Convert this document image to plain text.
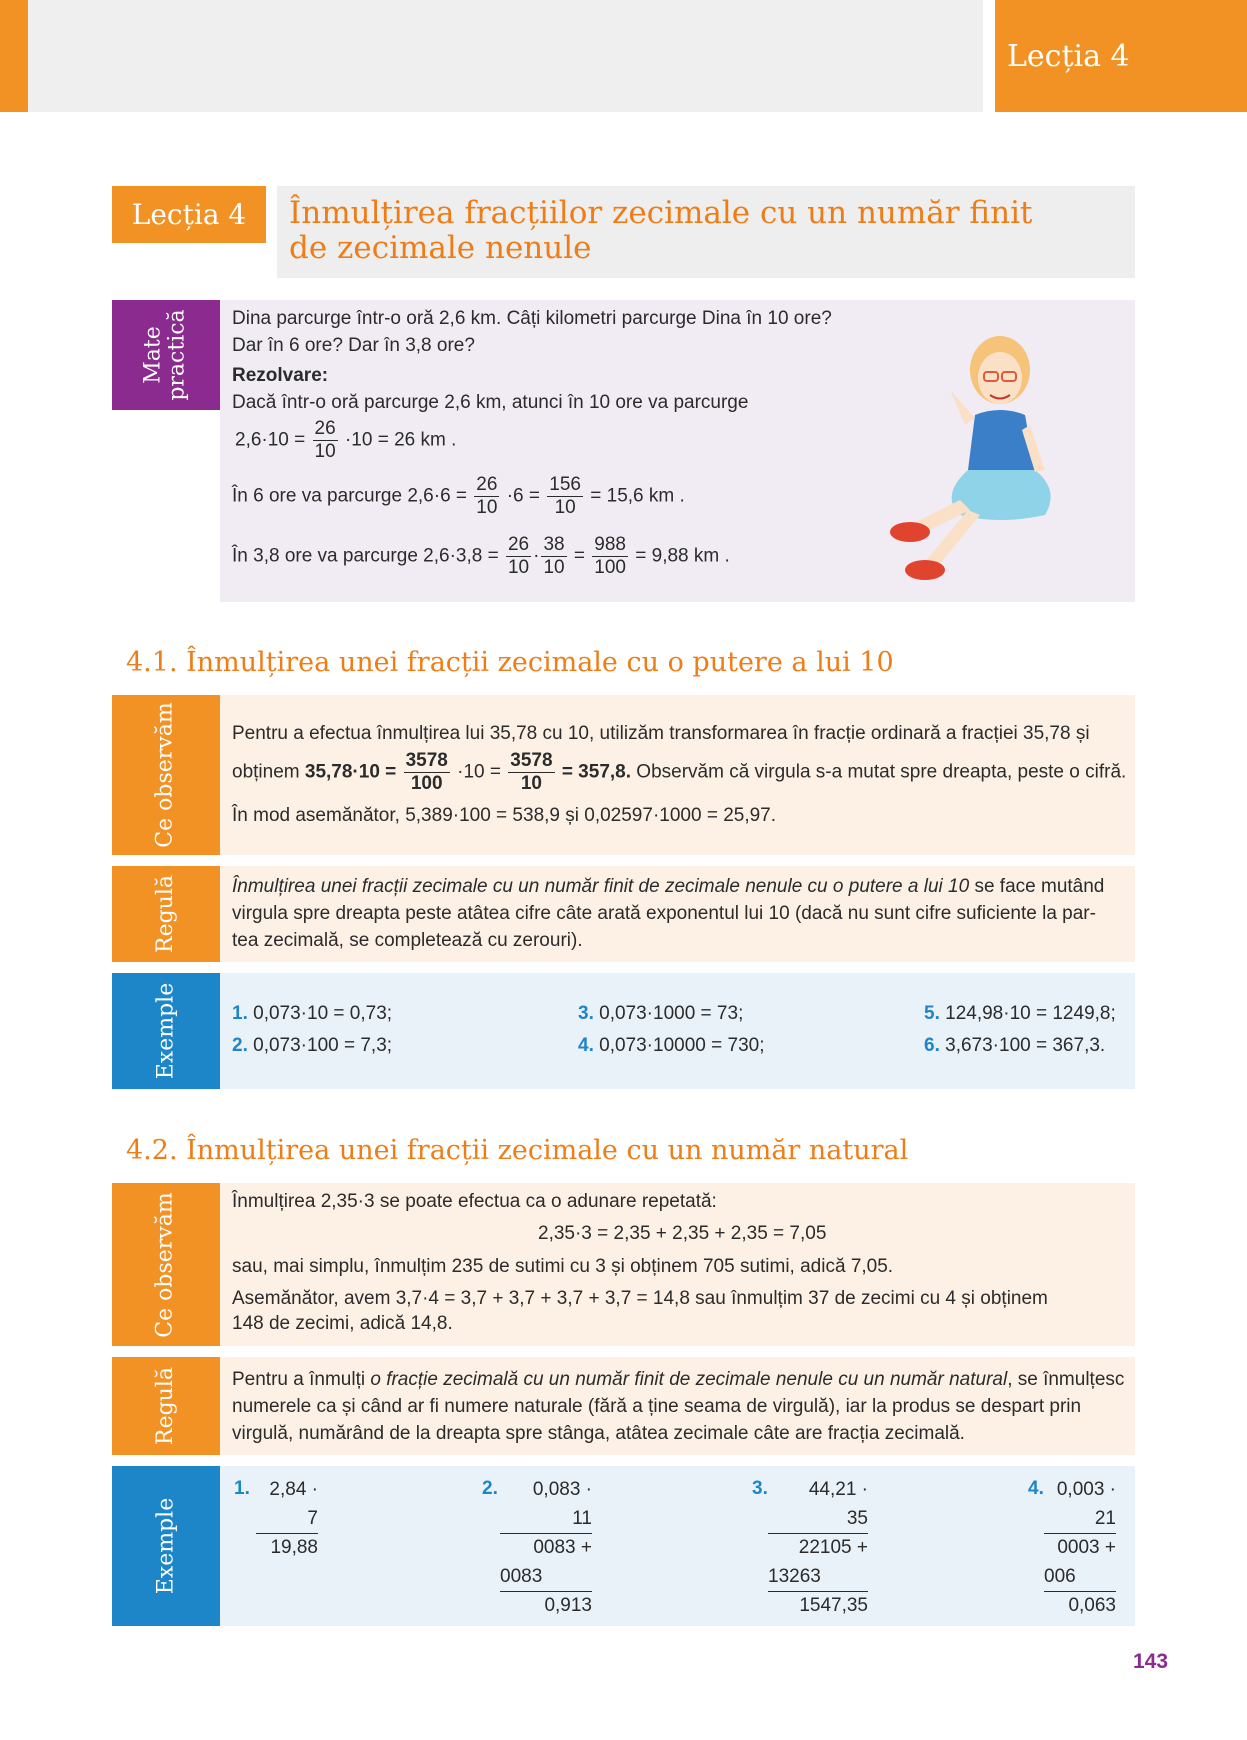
Lecția 4
Lecția 4	Înmulțirea fracțiilor zecimale cu un număr finit
de zecimale nenule
Mate
practică Dina parcurge într-o oră 2,6 km. Câți kilometri parcurge Dina în 10 ore?
Dar în 6 ore? Dar în 3,8 ore?
Rezolvare:
Dacă într-o oră parcurge 2,6 km, atunci în 10 ore va parcurge
$2,6\cdot 10 = \frac{26}{10} \cdot 10 = 26$ km .
În 6 ore va parcurge $2,6\cdot 6 = \frac{26}{10} \cdot 6 = \frac{156}{10} = 15,6$ km .
În 3,8 ore va parcurge $2,6\cdot 3,8 = \frac{26}{10} \cdot \frac{38}{10} = \frac{988}{100} = 9,88$ km .
4.1. Înmulțirea unei fracții zecimale cu o putere a lui 10
Ce observăm	Pentru a efectua înmulțirea lui 35,78 cu 10, utilizăm transformarea în fracție ordinară a fracției 35,78 și
obținem $35,78\cdot 10 = \frac{3578}{100} \cdot 10 = \frac{3578}{10} = 357,8$. Observăm că virgula s-a mutat spre dreapta, peste o cifră.
În mod asemănător, 5,389·100 = 538,9 și 0,02597·1000 = 25,97.
Regulă	Înmulțirea unei fracții zecimale cu un număr finit de zecimale nenule cu o putere a lui 10 se face mutând
virgula spre dreapta peste atâtea cifre câte arată exponentul lui 10 (dacă nu sunt cifre suficiente la par-
tea zecimală, se completează cu zerouri).
Exemple	1. 0,073·10 = 0,73;
2. 0,073·100 = 7,3;
3. 0,073·1000 = 73;
4. 0,073·10000 = 730;
5. 124,98·10 = 1249,8;
6. 3,673·100 = 367,3.
4.2. Înmulțirea unei fracții zecimale cu un număr natural
Ce observăm	Înmulțirea 2,35·3 se poate efectua ca o adunare repetată:
2,35·3 = 2,35 + 2,35 + 2,35 = 7,05
sau, mai simplu, înmulțim 235 de sutimi cu 3 și obținem 705 sutimi, adică 7,05.
Asemănător, avem 3,7·4 = 3,7 + 3,7 + 3,7 + 3,7 = 14,8 sau înmulțim 37 de zecimi cu 4 și obținem
148 de zecimi, adică 14,8.
Regulă	Pentru a înmulți o fracție zecimală cu un număr finit de zecimale nenule cu un număr natural, se înmulțesc
numerele ca și când ar fi numere naturale (fără a ține seama de virgulă), iar la produs se despart prin
virgulă, numărând de la dreapta spre stânga, atâtea zecimale câte are fracția zecimală.
Exemple
1.	2,84 ·
7
19,88
2.	0,083 ·
11
0083 +
0083
0,913
3.	44,21 ·
35
22105 +
13263
1547,35
4. 0,003 ·
21
0003 +
006
0,063
143
